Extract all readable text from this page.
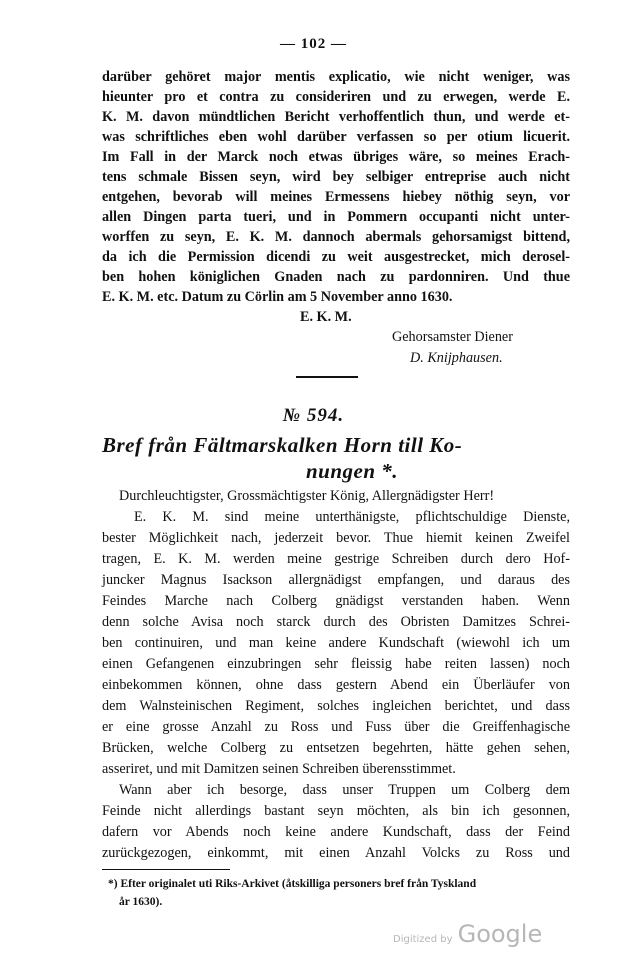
— 102 —
darüber gehöret major mentis explicatio, wie nicht weniger, was
hieunter pro et contra zu consideriren und zu erwegen, werde E.
K. M. davon mündtlichen Bericht verhoffentlich thun, und werde et-
was schriftliches eben wohl darüber verfassen so per otium licuerit.
Im Fall in der Marck noch etwas übriges wäre, so meines Erach-
tens schmale Bissen seyn, wird bey selbiger entreprise auch nicht
entgehen, bevorab will meines Ermessens hiebey nöthig seyn, vor
allen Dingen parta tueri, und in Pommern occupanti nicht unter-
worffen zu seyn, E. K. M. dannoch abermals gehorsamigst bittend,
da ich die Permission dicendi zu weit ausgestrecket, mich derosel-
ben hohen königlichen Gnaden nach zu pardonniren. Und thue
E. K. M. etc. Datum zu Cörlin am 5 November anno 1630.
E. K. M.
Gehorsamster Diener
D. Knijphausen.
№ 594.
Bref från Fältmarskalken Horn till Ko-
nungen *.
Durchleuchtigster, Grossmächtigster König, Allergnädigster Herr!
E. K. M. sind meine unterthänigste, pflichtschuldige Dienste,
bester Möglichkeit nach, jederzeit bevor. Thue hiemit keinen Zweifel
tragen, E. K. M. werden meine gestrige Schreiben durch dero Hof-
juncker Magnus Isackson allergnädigst empfangen, und daraus des
Feindes Marche nach Colberg gnädigst verstanden haben. Wenn
denn solche Avisa noch starck durch des Obristen Damitzes Schrei-
ben continuiren, und man keine andere Kundschaft (wiewohl ich um
einen Gefangenen einzubringen sehr fleissig habe reiten lassen) noch
einbekommen können, ohne dass gestern Abend ein Überläufer von
dem Walnsteinischen Regiment, solches ingleichen berichtet, und dass
er eine grosse Anzahl zu Ross und Fuss über die Greiffenhagische
Brücken, welche Colberg zu entsetzen begehrten, hätte gehen sehen,
asseriret, und mit Damitzen seinen Schreiben überensstimmet.
Wann aber ich besorge, dass unser Truppen um Colberg dem
Feinde nicht allerdings bastant seyn möchten, als bin ich gesonnen,
dafern vor Abends noch keine andere Kundschaft, dass der Feind
zurückgezogen, einkommt, mit einen Anzahl Volcks zu Ross und
*) Efter originalet uti Riks-Arkivet (åtskilliga personers bref från Tyskland
år 1630).
Digitized by Google
